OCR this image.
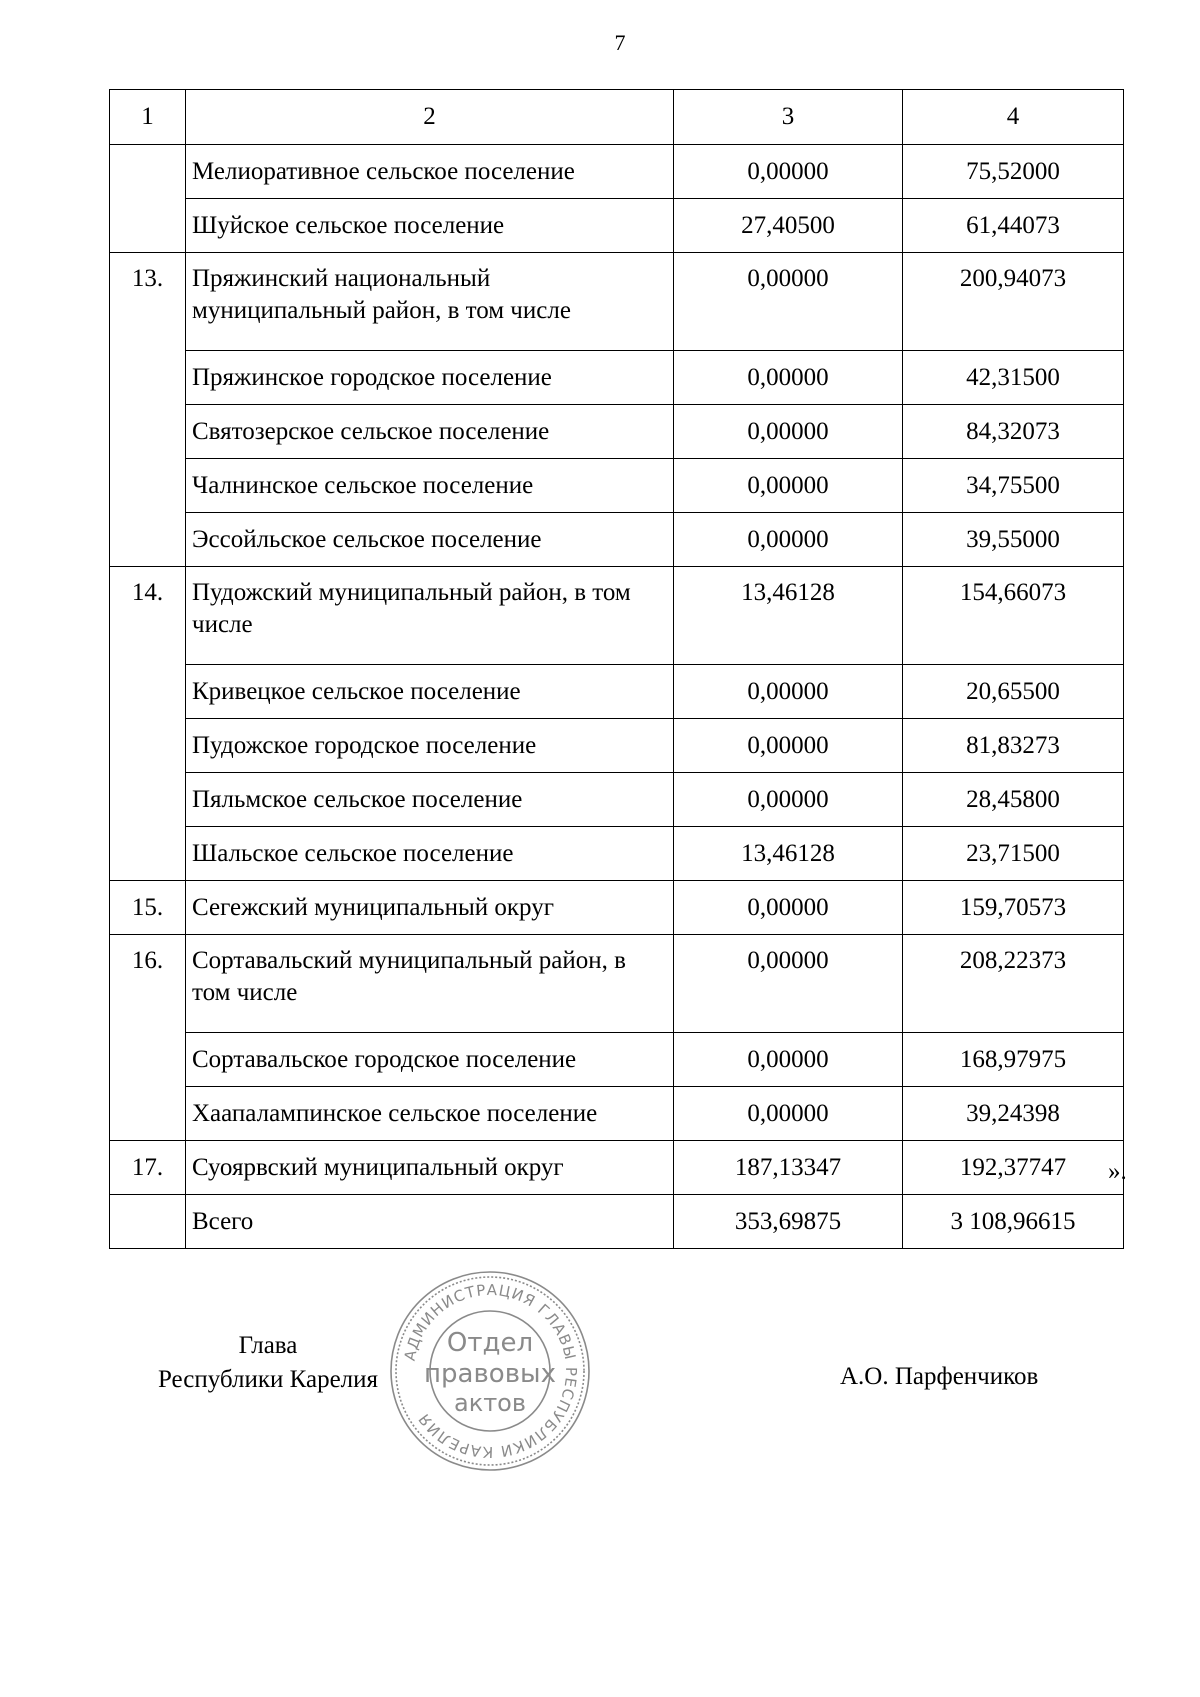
7
1	2	3	4
	Мелиоративное сельское поселение	0,00000	75,52000
	Шуйское сельское поселение	27,40500	61,44073
13.	Пряжинский национальный муниципальный район, в том числе	0,00000	200,94073
	Пряжинское городское поселение	0,00000	42,31500
	Святозерское сельское поселение	0,00000	84,32073
	Чалнинское сельское поселение	0,00000	34,75500
	Эссойльское сельское поселение	0,00000	39,55000
14.	Пудожский муниципальный район, в том числе	13,46128	154,66073
	Кривецкое сельское поселение	0,00000	20,65500
	Пудожское городское поселение	0,00000	81,83273
	Пяльмское сельское поселение	0,00000	28,45800
	Шальское сельское поселение	13,46128	23,71500
15.	Сегежский муниципальный округ	0,00000	159,70573
16.	Сортавальский муниципальный район, в том числе	0,00000	208,22373
	Сортавальское городское поселение	0,00000	168,97975
	Хаапалампинское сельское поселение	0,00000	39,24398
17.	Суоярвский муниципальный округ	187,13347	192,37747
	Всего	353,69875	3 108,96615
».
Глава
Республики Карелия
АДМИНИСТРАЦИЯ ГЛАВЫ РЕСПУБЛИКИ КАРЕЛИЯ
Отдел
правовых
актов
А.О. Парфенчиков
